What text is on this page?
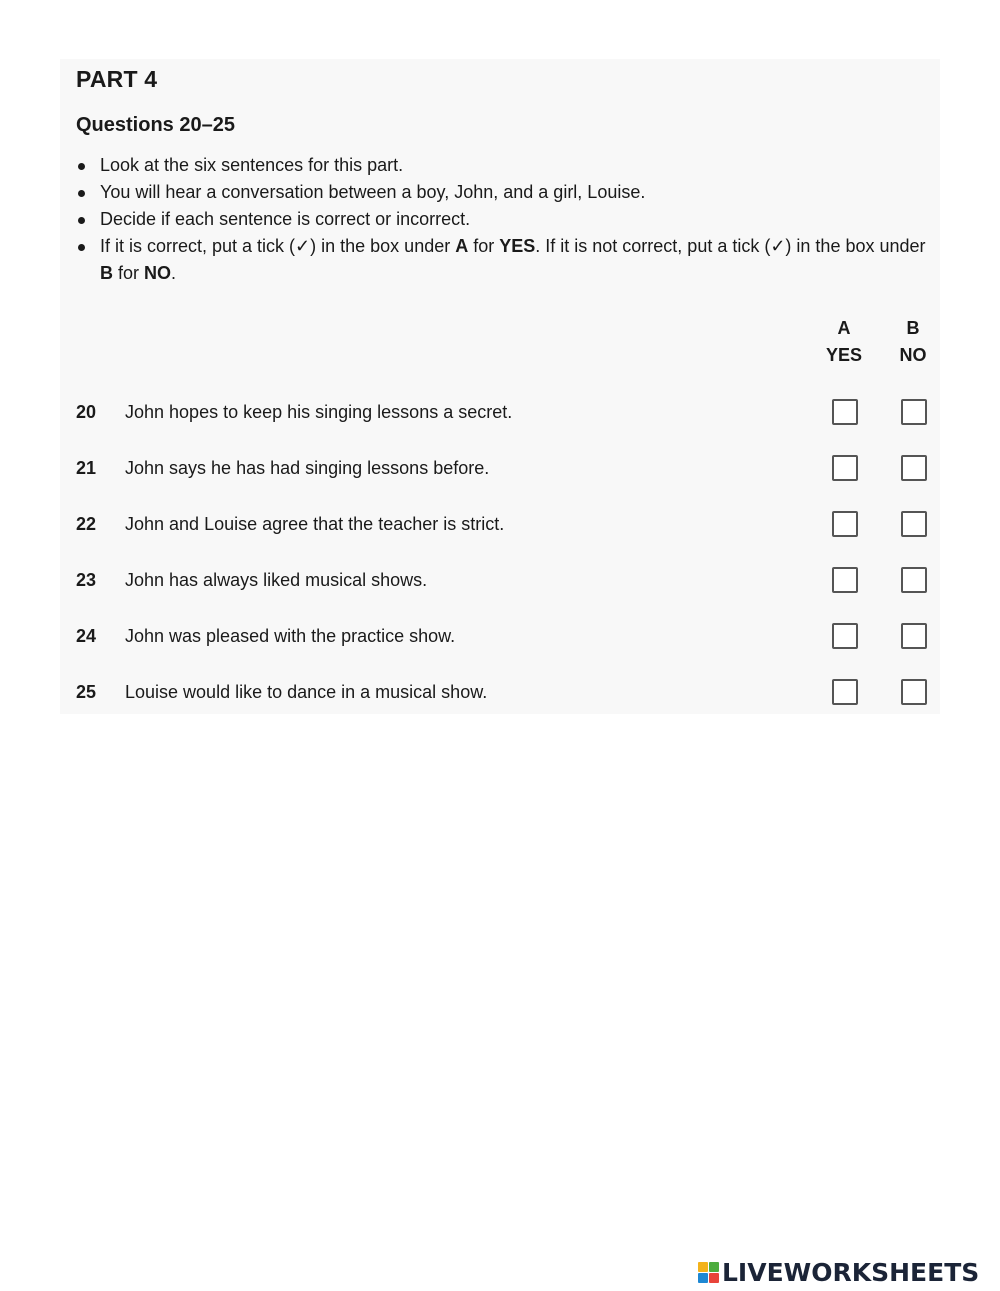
PART 4
Questions 20–25
Look at the six sentences for this part.
You will hear a conversation between a boy, John, and a girl, Louise.
Decide if each sentence is correct or incorrect.
If it is correct, put a tick (✓) in the box under A for YES. If it is not correct, put a tick (✓) in the box under B for NO.
A
YES
B
NO
20 John hopes to keep his singing lessons a secret.
21 John says he has had singing lessons before.
22 John and Louise agree that the teacher is strict.
23 John has always liked musical shows.
24 John was pleased with the practice show.
25 Louise would like to dance in a musical show.
LIVEWORKSHEETS
